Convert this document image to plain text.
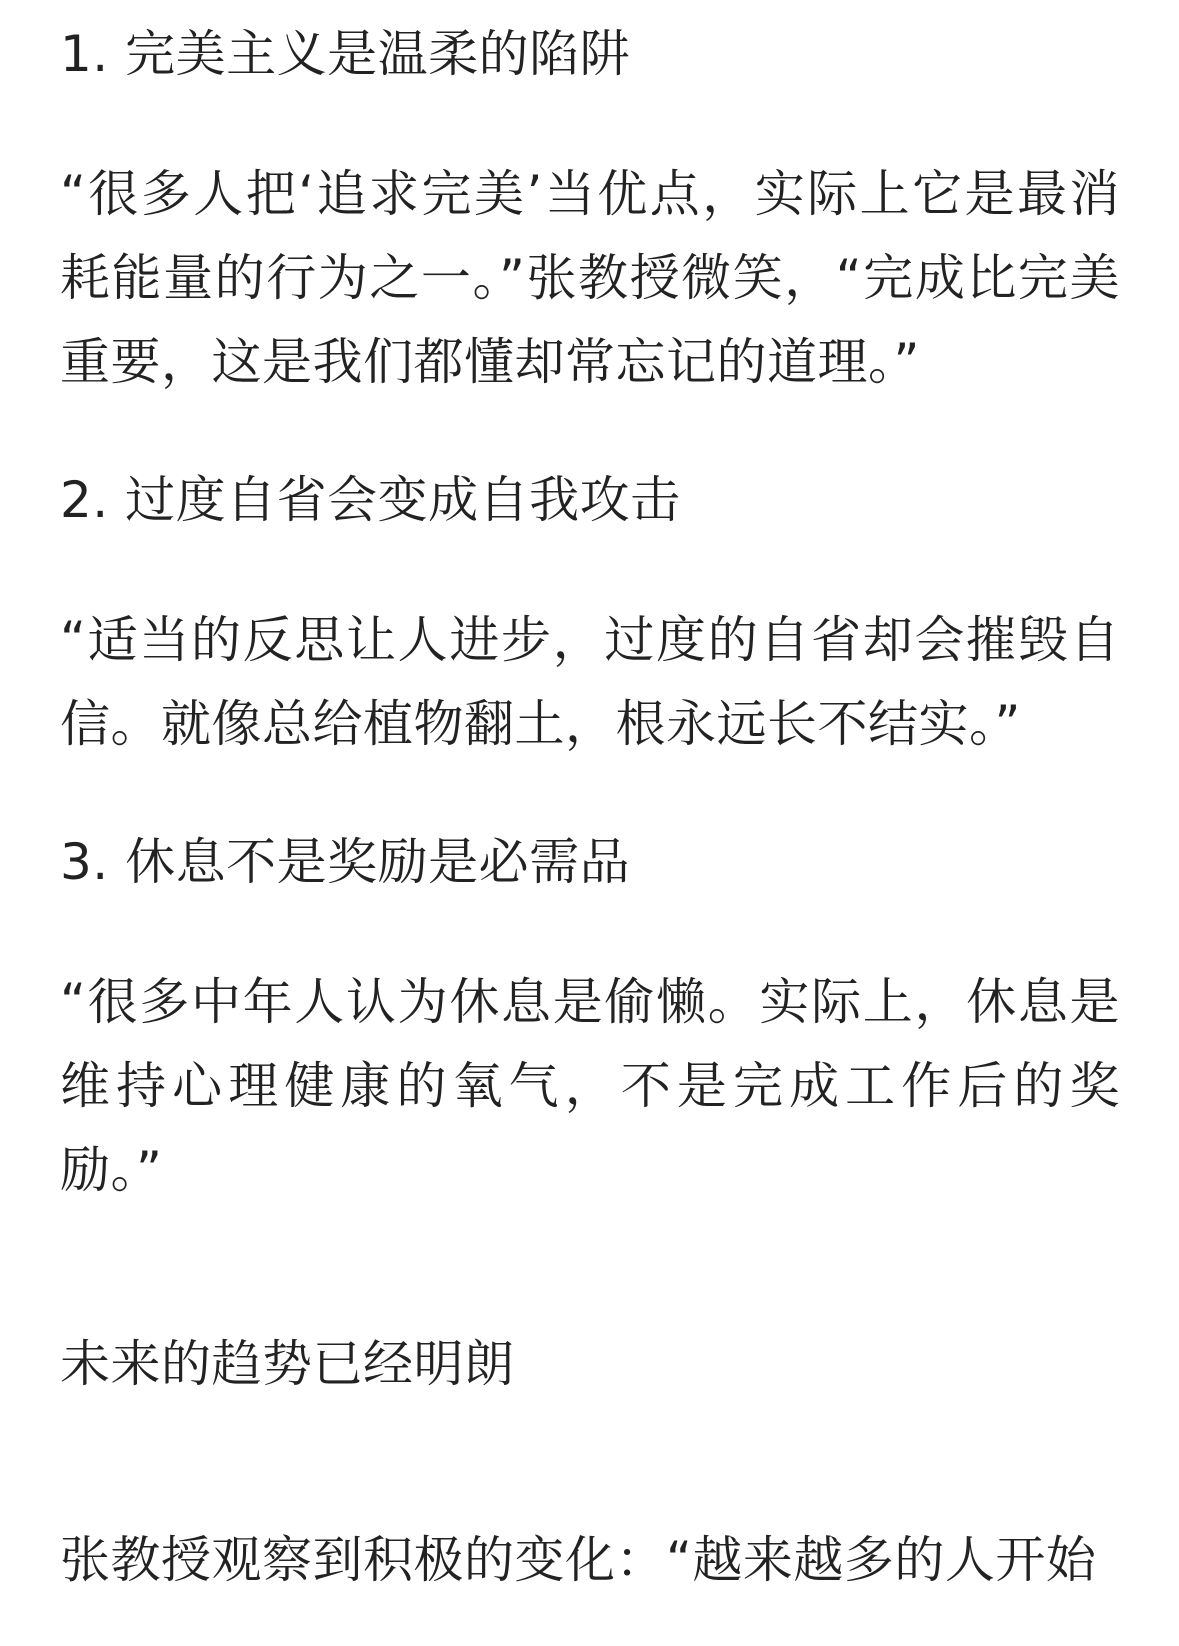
1. 完美主义是温柔的陷阱
“很多人把‘追求完美’当优点，实际上它是最消耗能量的行为之一。”张教授微笑，“完成比完美重要，这是我们都懂却常忘记的道理。”
2. 过度自省会变成自我攻击
“适当的反思让人进步，过度的自省却会摧毁自信。就像总给植物翻土，根永远长不结实。”
3. 休息不是奖励是必需品
“很多中年人认为休息是偷懒。实际上，休息是维持心理健康的氧气，不是完成工作后的奖励。”
未来的趋势已经明朗
张教授观察到积极的变化：“越来越多的人开始
